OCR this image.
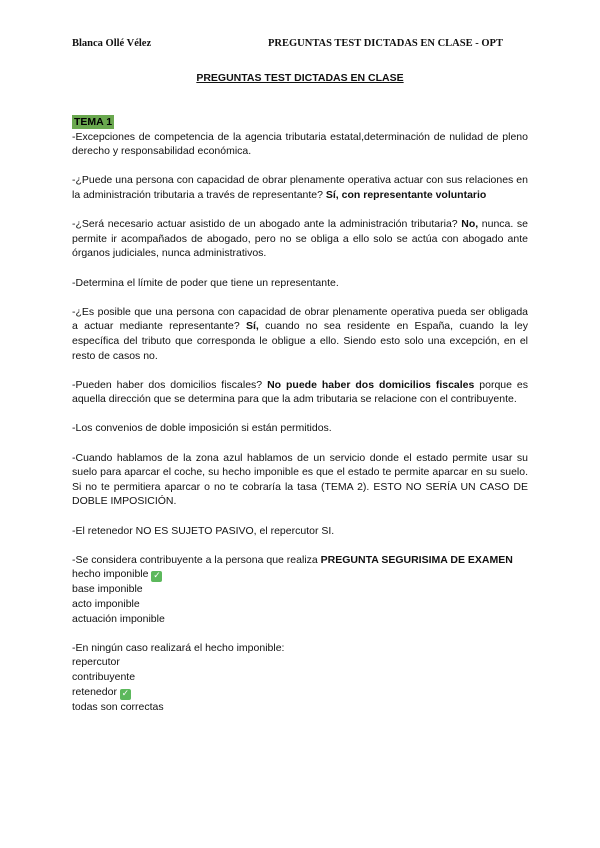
Blanca Ollé Vélez	PREGUNTAS TEST DICTADAS EN CLASE - OPT
PREGUNTAS TEST DICTADAS EN CLASE
TEMA 1

-Excepciones de competencia de la agencia tributaria estatal,determinación de nulidad de pleno derecho y responsabilidad económica.

-¿Puede una persona con capacidad de obrar plenamente operativa actuar con sus relaciones en la administración tributaria a través de representante? Sí, con representante voluntario

-¿Será necesario actuar asistido de un abogado ante la administración tributaria? No, nunca. se permite ir acompañados de abogado, pero no se obliga a ello solo se actúa con abogado ante órganos judiciales, nunca administrativos.

-Determina el límite de poder que tiene un representante.

-¿Es posible que una persona con capacidad de obrar plenamente operativa pueda ser obligada a actuar mediante representante? Sí, cuando no sea residente en España, cuando la ley específica del tributo que corresponda le obligue a ello. Siendo esto solo una excepción, en el resto de casos no.

-Pueden haber dos domicilios fiscales? No puede haber dos domicilios fiscales porque es aquella dirección que se determina para que la adm tributaria se relacione con el contribuyente.

-Los convenios de doble imposición si están permitidos.

-Cuando hablamos de la zona azul hablamos de un servicio donde el estado permite usar su suelo para aparcar el coche, su hecho imponible es que el estado te permite aparcar en su suelo. Si no te permitiera aparcar o no te cobraría la tasa (TEMA 2). ESTO NO SERÍA UN CASO DE DOBLE IMPOSICIÓN.

-El retenedor NO ES SUJETO PASIVO, el repercutor SI.

-Se considera contribuyente a la persona que realiza PREGUNTA SEGURISIMA DE EXAMEN

hecho imponible ✓

base imponible

acto imponible

actuación imponible

-En ningún caso realizará el hecho imponible:

repercutor

contribuyente

retenedor ✓

todas son correctas
